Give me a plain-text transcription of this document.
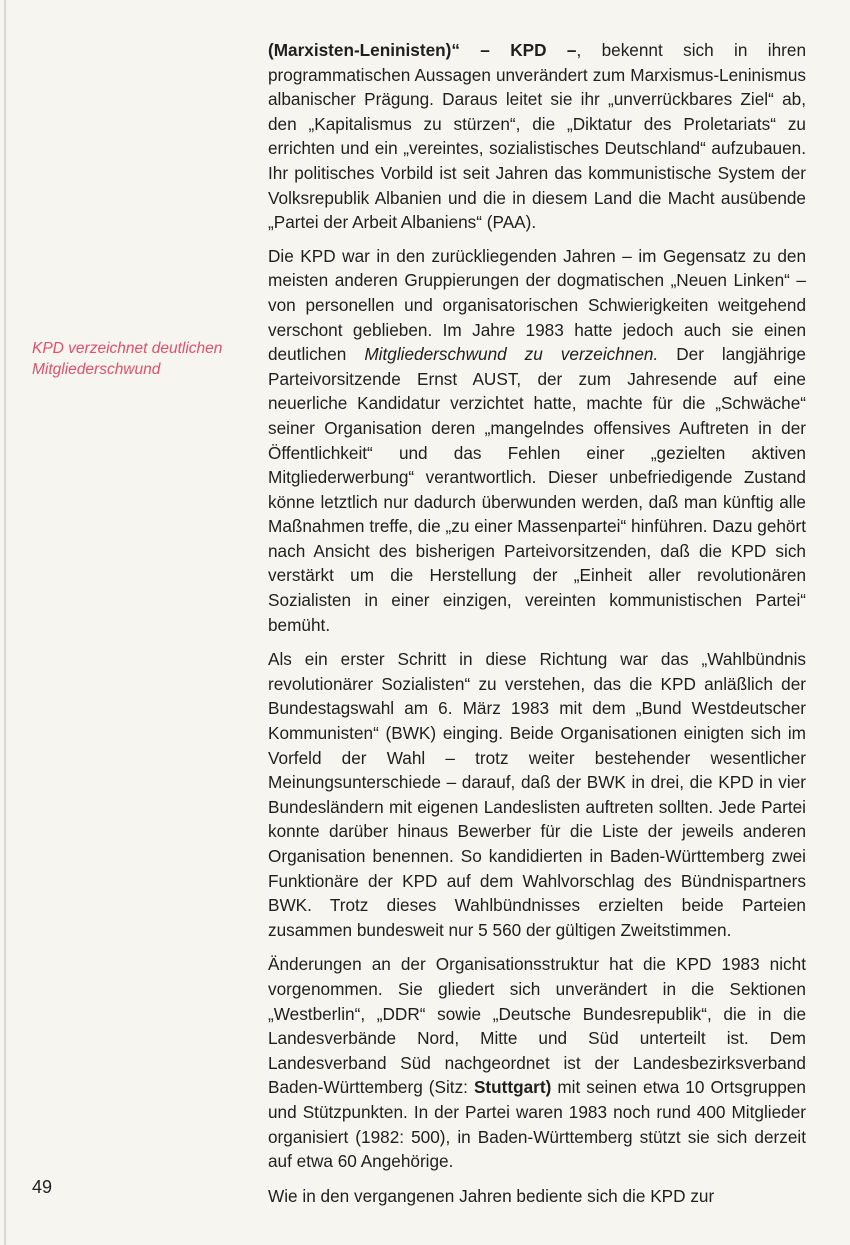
KPD verzeichnet deutlichen Mitgliederschwund

(Marxisten-Leninisten)“ – KPD –, bekennt sich in ihren programmatischen Aussagen unverändert zum Marxismus-Leninismus albanischer Prägung. Daraus leitet sie ihr „unverrückbares Ziel“ ab, den „Kapitalismus zu stürzen“, die „Diktatur des Proletariats“ zu errichten und ein „vereintes, sozialistisches Deutschland“ aufzubauen. Ihr politisches Vorbild ist seit Jahren das kommunistische System der Volksrepublik Albanien und die in diesem Land die Macht ausübende „Partei der Arbeit Albaniens“ (PAA).

Die KPD war in den zurückliegenden Jahren – im Gegensatz zu den meisten anderen Gruppierungen der dogmatischen „Neuen Linken“ – von personellen und organisatorischen Schwierigkeiten weitgehend verschont geblieben. Im Jahre 1983 hatte jedoch auch sie einen deutlichen Mitgliederschwund zu verzeichnen. Der langjährige Parteivorsitzende Ernst AUST, der zum Jahresende auf eine neuerliche Kandidatur verzichtet hatte, machte für die „Schwäche“ seiner Organisation deren „mangelndes offensives Auftreten in der Öffentlichkeit“ und das Fehlen einer „gezielten aktiven Mitgliederwerbung“ verantwortlich. Dieser unbefriedigende Zustand könne letztlich nur dadurch überwunden werden, daß man künftig alle Maßnahmen treffe, die „zu einer Massenpartei“ hinführen. Dazu gehört nach Ansicht des bisherigen Parteivorsitzenden, daß die KPD sich verstärkt um die Herstellung der „Einheit aller revolutionären Sozialisten in einer einzigen, vereinten kommunistischen Partei“ bemüht.

Als ein erster Schritt in diese Richtung war das „Wahlbündnis revolutionärer Sozialisten“ zu verstehen, das die KPD anläßlich der Bundestagswahl am 6. März 1983 mit dem „Bund Westdeutscher Kommunisten“ (BWK) einging. Beide Organisationen einigten sich im Vorfeld der Wahl – trotz weiter bestehender wesentlicher Meinungsunterschiede – darauf, daß der BWK in drei, die KPD in vier Bundesländern mit eigenen Landeslisten auftreten sollten. Jede Partei konnte darüber hinaus Bewerber für die Liste der jeweils anderen Organisation benennen. So kandidierten in Baden-Württemberg zwei Funktionäre der KPD auf dem Wahlvorschlag des Bündnispartners BWK. Trotz dieses Wahlbündnisses erzielten beide Parteien zusammen bundesweit nur 5 560 der gültigen Zweitstimmen.

Änderungen an der Organisationsstruktur hat die KPD 1983 nicht vorgenommen. Sie gliedert sich unverändert in die Sektionen „Westberlin“, „DDR“ sowie „Deutsche Bundesrepublik“, die in die Landesverbände Nord, Mitte und Süd unterteilt ist. Dem Landesverband Süd nachgeordnet ist der Landesbezirksverband Baden-Württemberg (Sitz: Stuttgart) mit seinen etwa 10 Ortsgruppen und Stützpunkten. In der Partei waren 1983 noch rund 400 Mitglieder organisiert (1982: 500), in Baden-Württemberg stützt sie sich derzeit auf etwa 60 Angehörige.

Wie in den vergangenen Jahren bediente sich die KPD zur

49
